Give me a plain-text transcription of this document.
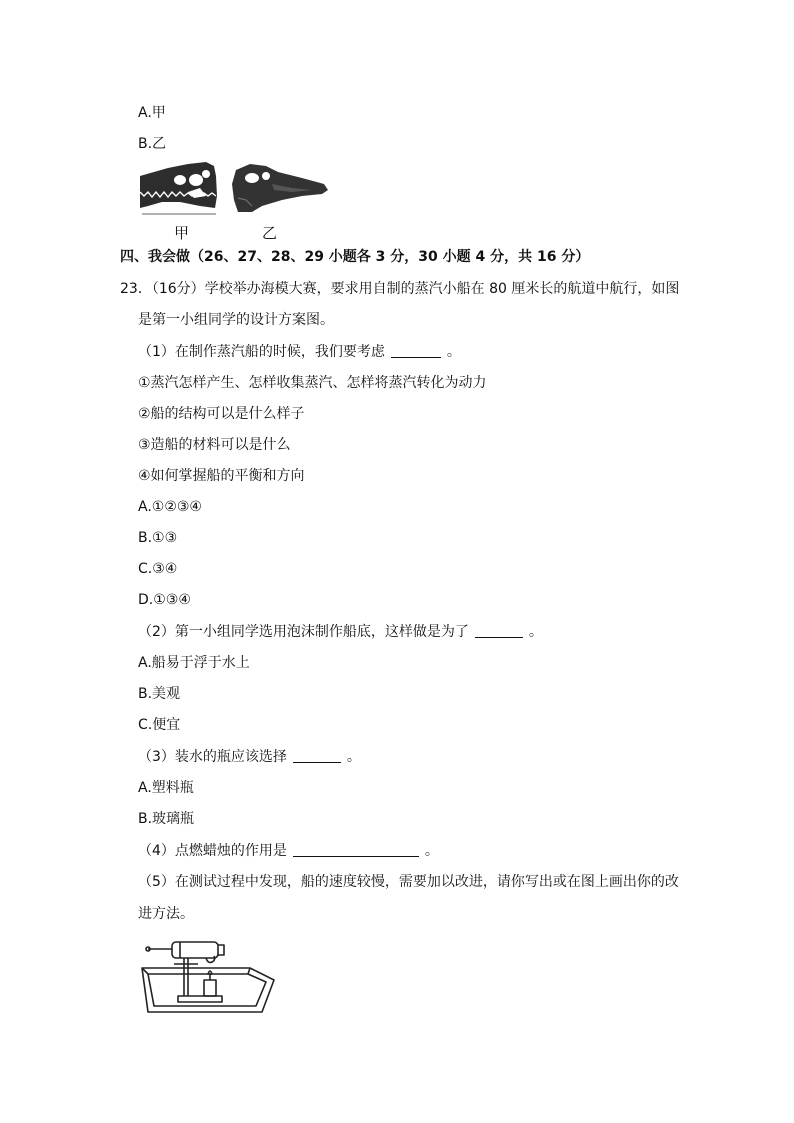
A.甲
B.乙
甲	乙
四、我会做（26、27、28、29 小题各 3 分，30 小题 4 分，共 16 分）
23．（16分）学校举办海模大赛，要求用自制的蒸汽小船在 80 厘米长的航道中航行，如图
是第一小组同学的设计方案图。
（1）在制作蒸汽船的时候，我们要考虑	。
①蒸汽怎样产生、怎样收集蒸汽、怎样将蒸汽转化为动力
②船的结构可以是什么样子
③造船的材料可以是什么
④如何掌握船的平衡和方向
A.①②③④
B.①③
C.③④
D.①③④
（2）第一小组同学选用泡沫制作船底，这样做是为了	。
A.船易于浮于水上
B.美观
C.便宜
（3）装水的瓶应该选择	。
A.塑料瓶
B.玻璃瓶
（4）点燃蜡烛的作用是	。
（5）在测试过程中发现，船的速度较慢，需要加以改进，请你写出或在图上画出你的改
进方法。
